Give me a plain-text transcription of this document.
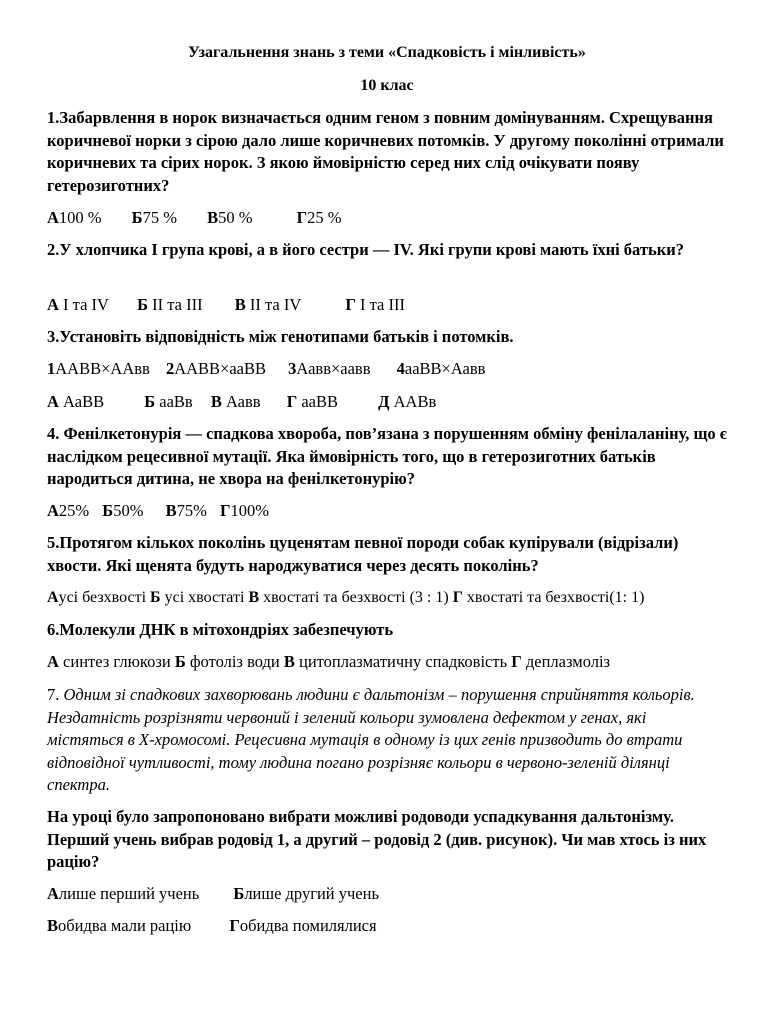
Узагальнення знань з теми «Спадковість і мінливість»
10 клас
1.Забарвлення в норок визначається одним геном з повним домінуванням. Схрещування коричневої норки з сірою дало лише коричневих потомків. У другому поколінні отримали коричневих та сірих норок. З якою ймовірністю серед них слід очікувати появу гетерозиготних?
А100 % Б75 % В50 %	Г25 %
2.У хлопчика І група крові, а в його сестри — IV. Які групи крові мають їхні батьки?
А І та IV Б II та III В II та IV	Г І та III
3.Установіть відповідність між генотипами батьків і потомків.
1ААВВ×ААвв 2ААВВ×ааВВ 3Аавв×аавв 4ааВВ×Аавв
А АаВВ Б ааВв В Аавв Г ааВВ Д ААВв
4. Фенілкетонурія — спадкова хвороба, пов’язана з порушенням обміну фенілаланіну, що є наслідком рецесивної мутації. Яка ймовірність того, що в гетерозиготних батьків народиться дитина, не хвора на фенілкетонурію?
А25% Б50% В75% Г100%
5.Протягом кількох поколінь цуценятам певної породи собак купірували (відрізали) хвости. Які щенята будуть народжуватися через десять поколінь?
Аусі безхвості Б усі хвостаті В хвостаті та безхвості (3 : 1) Г хвостаті та безхвості(1: 1)
6.Молекули ДНК в мітохондріях забезпечують
А синтез глюкози Б фотоліз води В цитоплазматичну спадковість Г деплазмоліз
7. Одним зі спадкових захворювань людини є дальтонізм – порушення сприйняття кольорів. Нездатність розрізняти червоний і зелений кольори зумовлена дефектом у генах, які містяться в Х-хромосомі. Рецесивна мутація в одному із цих генів призводить до втрати відповідної чутливості, тому людина погано розрізняє кольори в червоно-зеленій ділянці спектра.
На уроці було запропоновано вибрати можливі родоводи успадкування дальтонізму. Перший учень вибрав родовід 1, а другий – родовід 2 (див. рисунок). Чи мав хтось із них рацію?
Алише перший учень Блише другий учень
Вобидва мали рацію Гобидва помилялися
